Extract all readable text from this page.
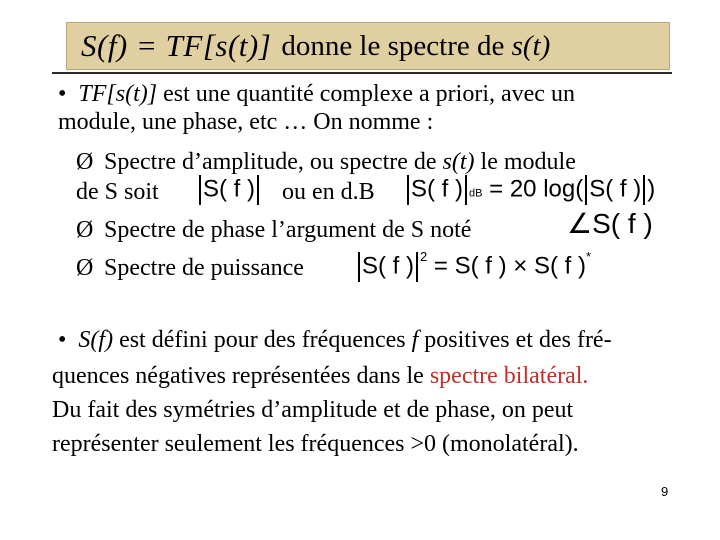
S(f) = TF[s(t)] donne le spectre de
s(t)
• TF[s(t)] est une quantité complexe a priori, avec un
module, une phase, etc … On nomme :
Ø Spectre d’amplitude, ou spectre de s(t) le module
de S soit S( f ) ou en d.B S( f ) dB = 20 log( S( f ) )
Ø Spectre de phase l’argument de S noté	∠S( f )
Ø Spectre de puissance S( f ) $^2$ = S( f ) × S( f )*
• S(f) est défini pour des fréquences f positives et des fré-
quences négatives représentées dans le spectre bilatéral.
Du fait des symétries d’amplitude et de phase, on peut
représenter seulement les fréquences >0 (monolatéral).
9
